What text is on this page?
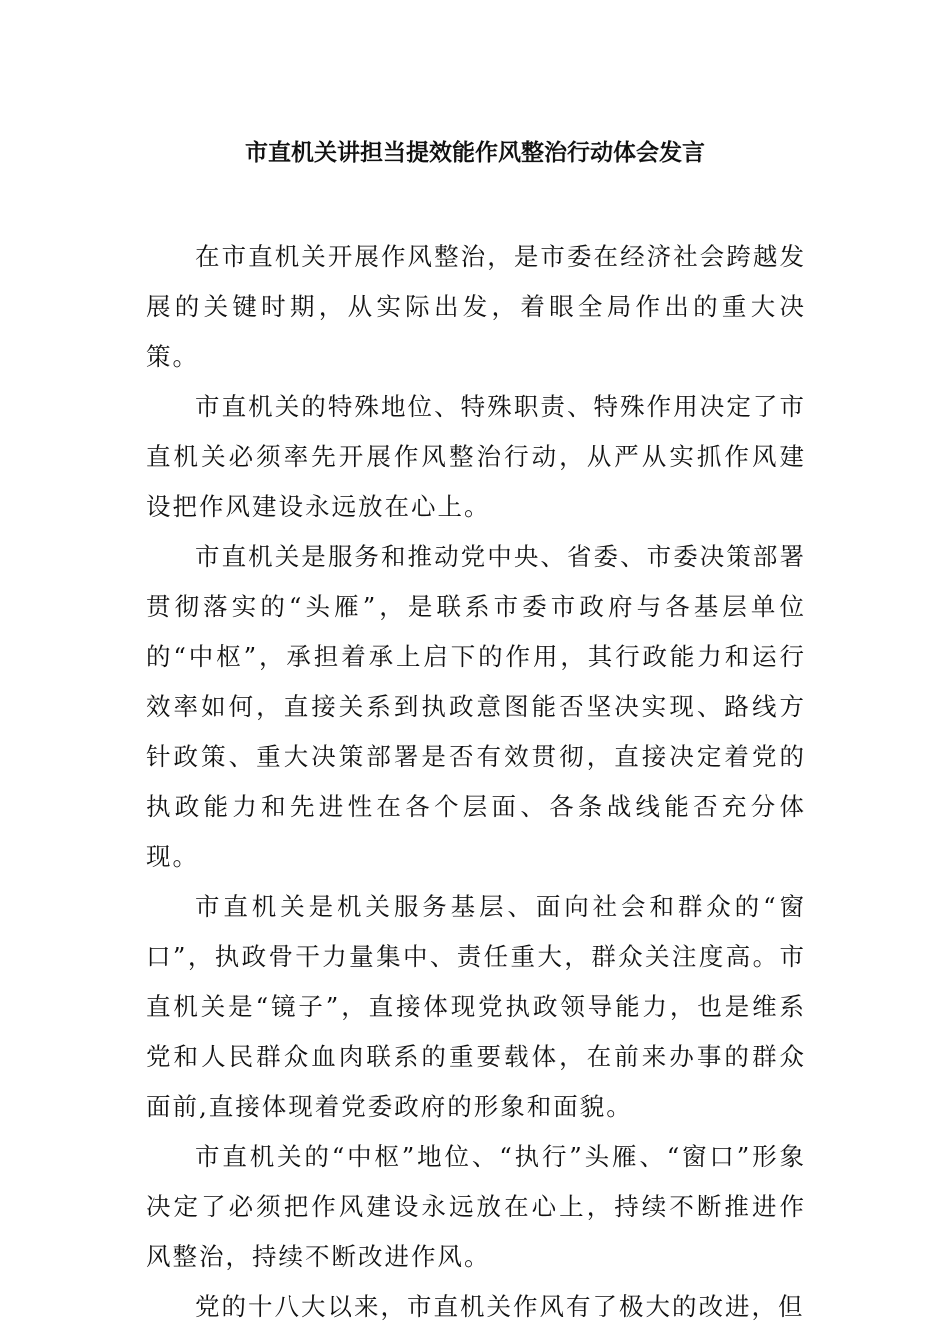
市直机关讲担当提效能作风整治行动体会发言

在市直机关开展作风整治，是市委在经济社会跨越发展的关键时期，从实际出发，着眼全局作出的重大决策。

市直机关的特殊地位、特殊职责、特殊作用决定了市直机关必须率先开展作风整治行动，从严从实抓作风建设把作风建设永远放在心上。

市直机关是服务和推动党中央、省委、市委决策部署贯彻落实的“头雁”，是联系市委市政府与各基层单位的“中枢”，承担着承上启下的作用，其行政能力和运行效率如何，直接关系到执政意图能否坚决实现、路线方针政策、重大决策部署是否有效贯彻，直接决定着党的执政能力和先进性在各个层面、各条战线能否充分体现。

市直机关是机关服务基层、面向社会和群众的“窗口”，执政骨干力量集中、责任重大，群众关注度高。市直机关是“镜子”，直接体现党执政领导能力，也是维系党和人民群众血肉联系的重要载体，在前来办事的群众面前,直接体现着党委政府的形象和面貌。

市直机关的“中枢”地位、“执行”头雁、“窗口”形象决定了必须把作风建设永远放在心上，持续不断推进作风整治，持续不断改进作风。

党的十八大以来，市直机关作风有了极大的改进，但
